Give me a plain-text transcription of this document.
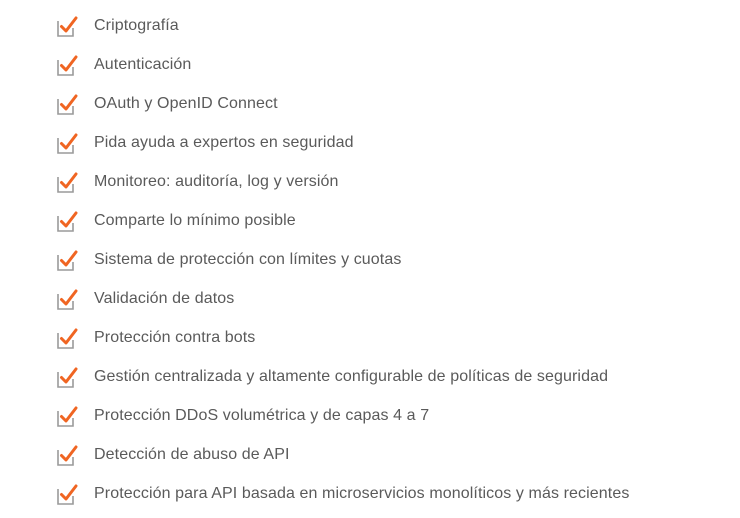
Criptografía
Autenticación
OAuth y OpenID Connect
Pida ayuda a expertos en seguridad
Monitoreo: auditoría, log y versión
Comparte lo mínimo posible
Sistema de protección con límites y cuotas
Validación de datos
Protección contra bots
Gestión centralizada y altamente configurable de políticas de seguridad
Protección DDoS volumétrica y de capas 4 a 7
Detección de abuso de API
Protección para API basada en microservicios monolíticos y más recientes
